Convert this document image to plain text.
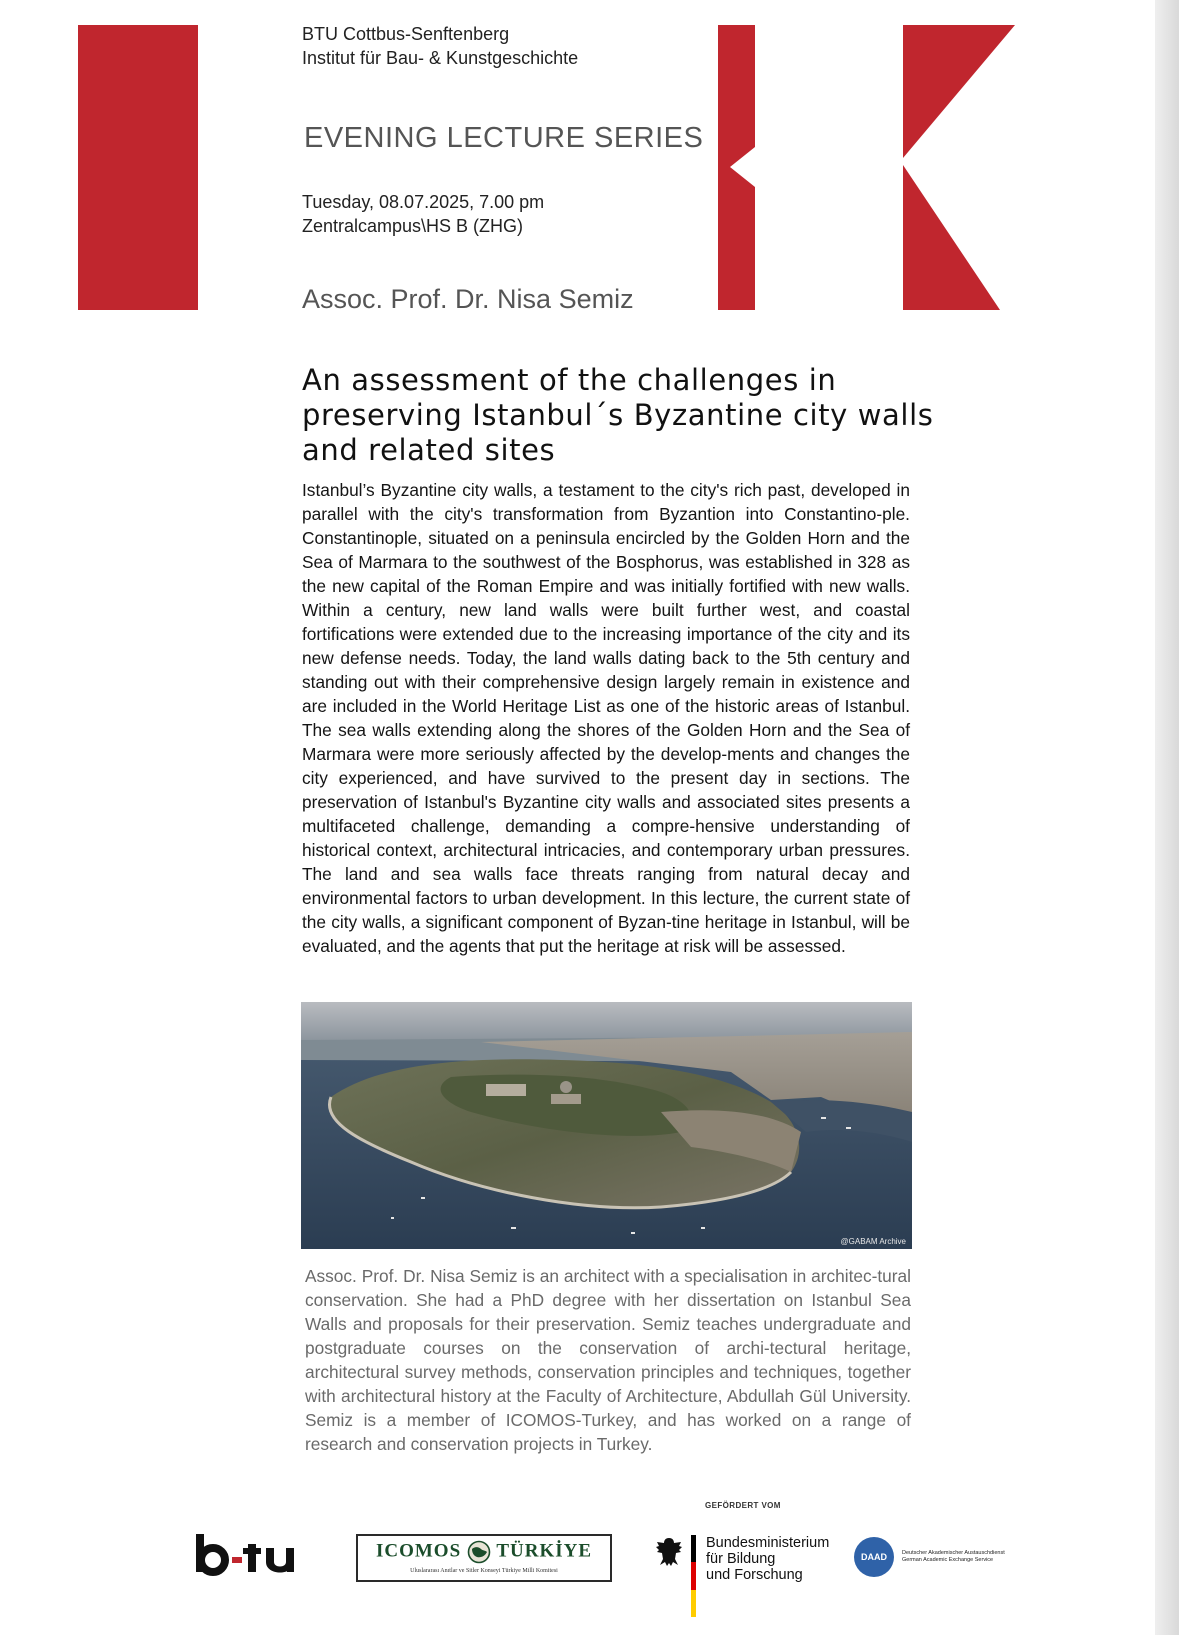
BTU Cottbus-Senftenberg
Institut für Bau- & Kunstgeschichte
EVENING LECTURE SERIES
Tuesday, 08.07.2025, 7.00 pm
Zentralcampus\HS B (ZHG)
Assoc. Prof. Dr. Nisa Semiz
An assessment of the challenges in preserving Istanbul´s Byzantine city walls and related sites
Istanbul’s Byzantine city walls, a testament to the city's rich past, developed in parallel with the city's transformation from Byzantion into Constantino-ple. Constantinople, situated on a peninsula encircled by the Golden Horn and the Sea of Marmara to the southwest of the Bosphorus, was established in 328 as the new capital of the Roman Empire and was initially fortified with new walls. Within a century, new land walls were built further west, and coastal fortifications were extended due to the increasing importance of the city and its new defense needs. Today, the land walls dating back to the 5th century and standing out with their comprehensive design largely remain in existence and are included in the World Heritage List as one of the historic areas of Istanbul. The sea walls extending along the shores of the Golden Horn and the Sea of Marmara were more seriously affected by the develop-ments and changes the city experienced, and have survived to the present day in sections. The preservation of Istanbul's Byzantine city walls and associated sites presents a multifaceted challenge, demanding a compre-hensive understanding of historical context, architectural intricacies, and contemporary urban pressures. The land and sea walls face threats ranging from natural decay and environmental factors to urban development. In this lecture, the current state of the city walls, a significant component of Byzan-tine heritage in Istanbul, will be evaluated, and the agents that put the heritage at risk will be assessed.
@GABAM Archive
Assoc. Prof. Dr. Nisa Semiz is an architect with a specialisation in architec-tural conservation. She had a PhD degree with her dissertation on Istanbul Sea Walls and proposals for their preservation. Semiz teaches undergraduate and postgraduate courses on the conservation of archi-tectural heritage, architectural survey methods, conservation principles and techniques, together with architectural history at the Faculty of Architecture, Abdullah Gül University. Semiz is a member of ICOMOS-Turkey, and has worked on a range of research and conservation projects in Turkey.
GEFÖRDERT VOM
ICOMOS TÜRKİYE
Uluslararası Anıtlar ve Sitler Konseyi Türkiye Milli Komitesi
Bundesministerium
für Bildung
und Forschung
DAAD	Deutscher Akademischer Austauschdienst
German Academic Exchange Service
